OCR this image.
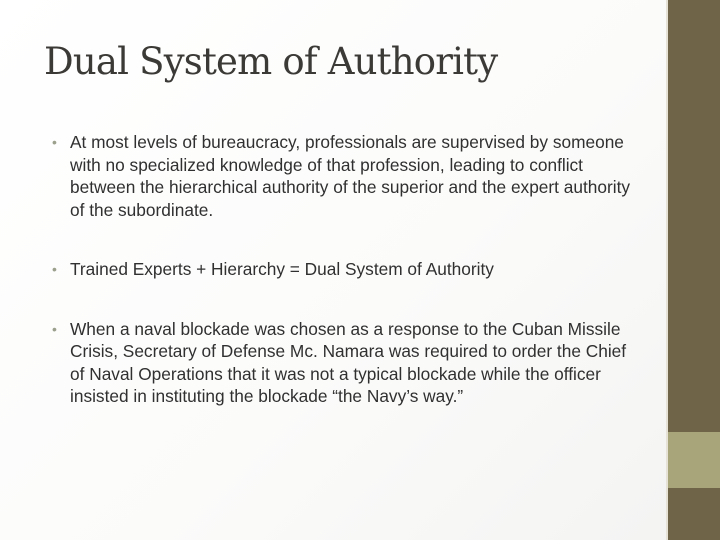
Dual System of Authority
• At most levels of bureaucracy, professionals are supervised by someone with no specialized knowledge of that profession, leading to conflict between the hierarchical authority of the superior and the expert authority of the subordinate.
• Trained Experts + Hierarchy = Dual System of Authority
• When a naval blockade was chosen as a response to the Cuban Missile Crisis, Secretary of Defense Mc. Namara was required to order the Chief of Naval Operations that it was not a typical blockade while the officer insisted in instituting the blockade “the Navy’s way.”
